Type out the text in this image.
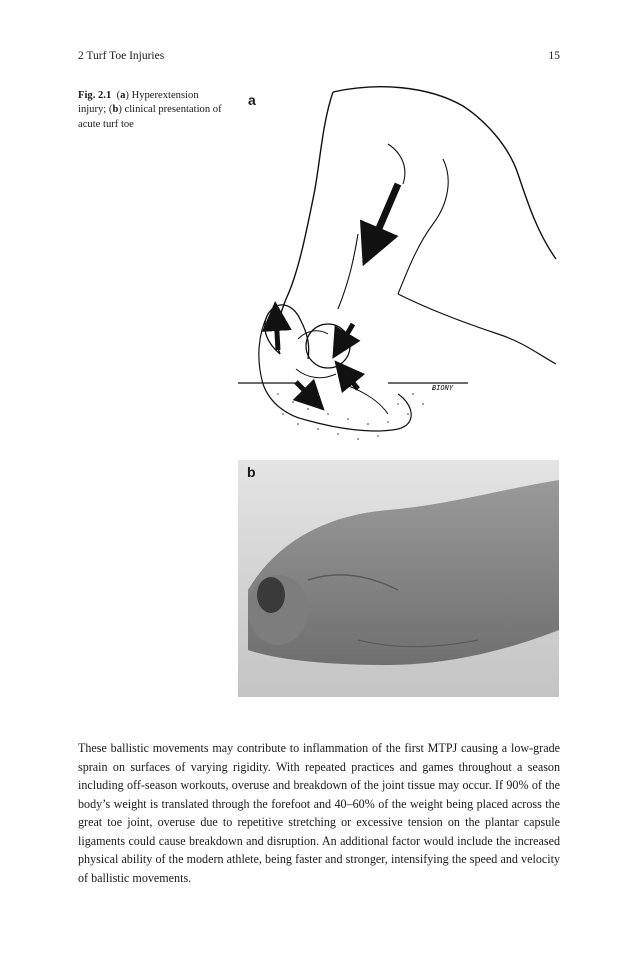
2 Turf Toe Injuries	15
Fig. 2.1 (a) Hyperextension injury; (b) clinical presentation of acute turf toe
a
BIONY
b

These ballistic movements may contribute to inflammation of the first MTPJ causing a low-grade sprain on surfaces of varying rigidity. With repeated practices and games throughout a season including off-season workouts, overuse and breakdown of the joint tissue may occur. If 90% of the body’s weight is translated through the forefoot and 40–60% of the weight being placed across the great toe joint, overuse due to repetitive stretching or excessive tension on the plantar capsule ligaments could cause breakdown and disruption. An additional factor would include the increased physical ability of the modern athlete, being faster and stronger, intensifying the speed and velocity of ballistic movements.
